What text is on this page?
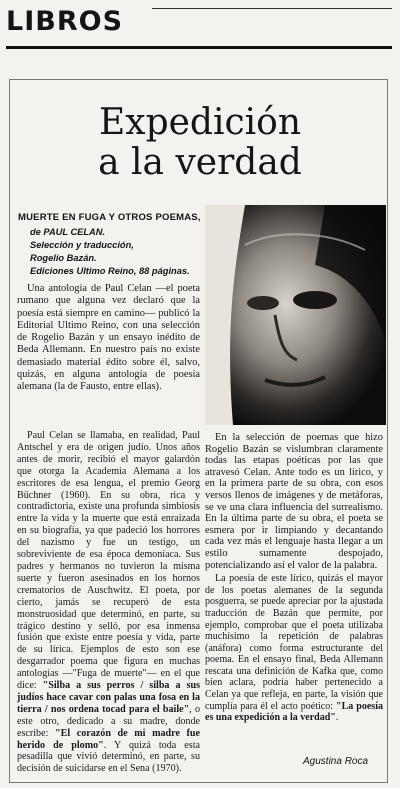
LIBROS
Expedición
a la verdad
MUERTE EN FUGA Y OTROS POEMAS,
de PAUL CELAN.
Selección y traducción,
Rogelio Bazán.
Ediciones Ultimo Reino, 88 páginas.

Una antología de Paul Celan —el poeta rumano que alguna vez declaró que la poesía está siempre en camino— publicó la Editorial Ultimo Reino, con una selección de Rogelio Bazán y un ensayo inédito de Beda Allemann. En nuestro país no existe demasiado material édito sobre él, salvo, quizás, en alguna antología de poesía alemana (la de Fausto, entre ellas).

Paul Celan se llamaba, en realidad, Paul Antschel y era de origen judío. Unos años antes de morir, recibió el mayor galardón que otorga la Academia Alemana a los escritores de esa lengua, el premio Georg Büchner (1960). En su obra, rica y contradictoria, existe una profunda simbiosis entre la vida y la muerte que está enraizada en su biografía, ya que padeció los horrores del nazismo y fue un testigo, un sobreviviente de esa época demoníaca. Sus padres y hermanos no tuvieron la misma suerte y fueron asesinados en los hornos crematorios de Auschwitz. El poeta, por cierto, jamás se recuperó de esta monstruosidad que determinó, en parte, su trágico destino y selló, por esa inmensa fusión que existe entre poesía y vida, parte de su lírica. Ejemplos de esto son ese desgarrador poema que figura en muchas antologías —"Fuga de muerte"— en el que dice: "Silba a sus perros / silba a sus judíos hace cavar con palas una fosa en la tierra / nos ordena tocad para el baile", o este otro, dedicado a su madre, donde escribe: "El corazón de mi madre fue herido de plomo". Y quizá toda esta pesadilla que vivió determinó, en parte, su decisión de suicidarse en el Sena (1970).

En la selección de poemas que hizo Rogelio Bazán se vislumbran claramente todas las etapas poéticas por las que atravesó Celan. Ante todo es un lírico, y en la primera parte de su obra, con esos versos llenos de imágenes y de metáforas, se ve una clara influencia del surrealismo. En la última parte de su obra, el poeta se esmera por ir limpiando y decantando cada vez más el lenguaje hasta llegar a un estilo sumamente despojado, potencializando así el valor de la palabra.

La poesía de este lírico, quizás el mayor de los poetas alemanes de la segunda posguerra, se puede apreciar por la ajustada traducción de Bazán que permite, por ejemplo, comprobar que el poeta utilizaba muchísimo la repetición de palabras (anáfora) como forma estructurante del poema. En el ensayo final, Beda Allemann rescata una definición de Kafka que, como bien aclara, podría haber pertenecido a Celan ya que refleja, en parte, la visión que cumplía para él el acto poético: "La poesía es una expedición a la verdad".

Agustina Roca
